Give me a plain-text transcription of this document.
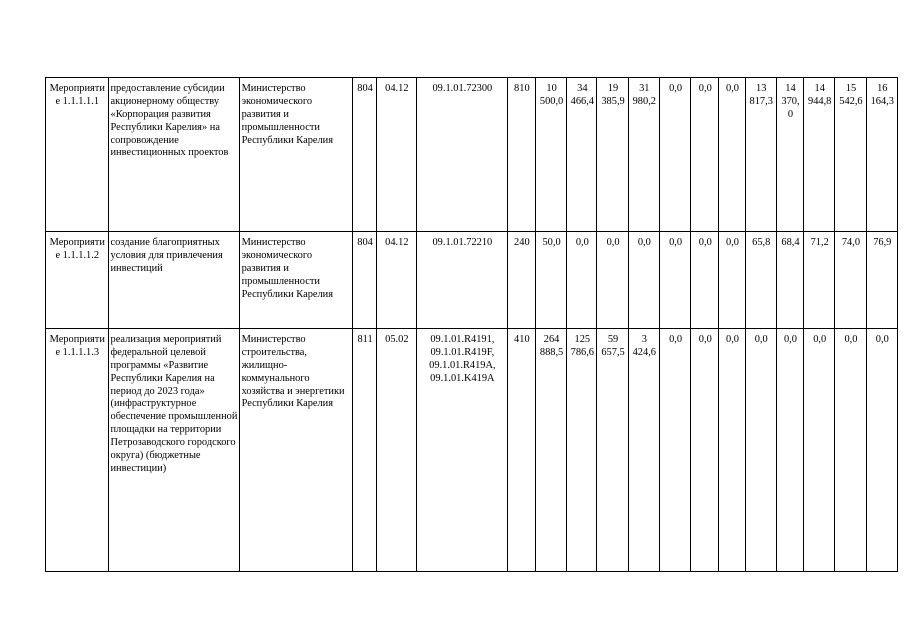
Мероприятие 1.1.1.1.1	предоставление субсидии акционерному обществу «Корпорация развития Республики Карелия» на сопровождение инвестиционных проектов	Министерство экономического развития и промышленности Республики Карелия	804	04.12	09.1.01.72300	810	10 500,0	34 466,4	19 385,9	31 980,2	0,0	0,0	0,0	13 817,3	14 370,0	14 944,8	15 542,6	16 164,3
Мероприятие 1.1.1.1.2	создание благоприятных условия для привлечения инвестиций	Министерство экономического развития и промышленности Республики Карелия	804	04.12	09.1.01.72210	240	50,0	0,0	0,0	0,0	0,0	0,0	0,0	65,8	68,4	71,2	74,0	76,9
Мероприятие 1.1.1.1.3	реализация мероприятий федеральной целевой программы «Развитие Республики Карелия на период до 2023 года» (инфраструктурное обеспечение промышленной площадки на территории Петрозаводского городского округа) (бюджетные инвестиции)	Министерство строительства, жилищно-коммунального хозяйства и энергетики Республики Карелия	811	05.02	09.1.01.R4191, 09.1.01.R419F, 09.1.01.R419A, 09.1.01.K419A	410	264 888,5	125 786,6	59 657,5	3 424,6	0,0	0,0	0,0	0,0	0,0	0,0	0,0	0,0
